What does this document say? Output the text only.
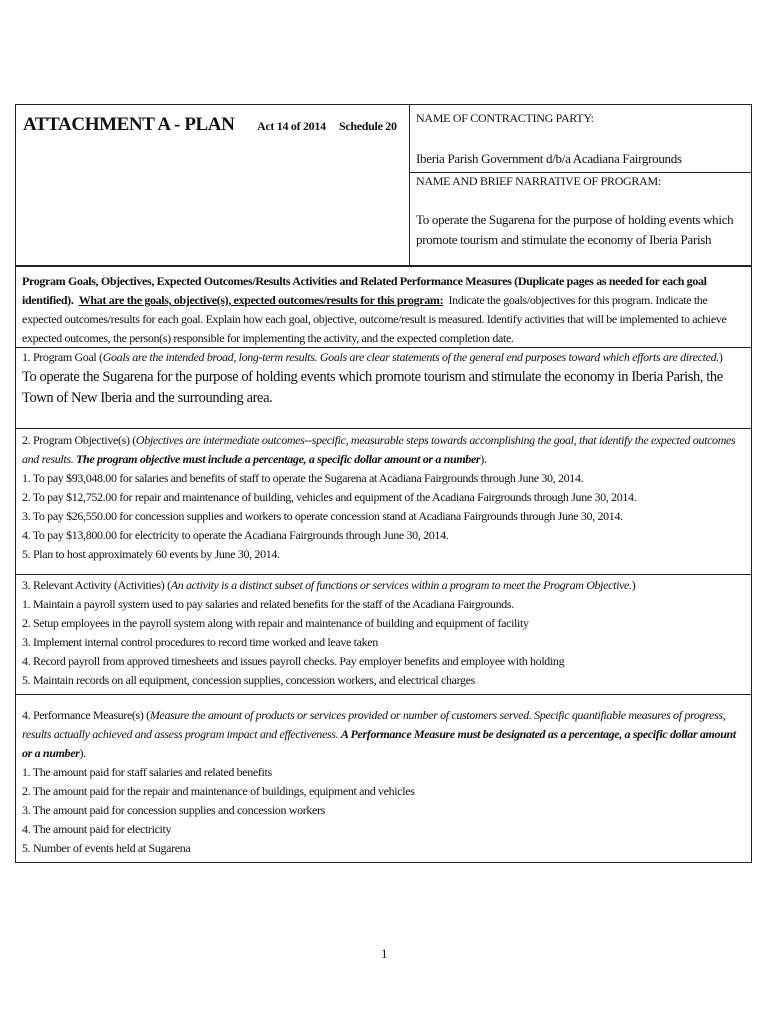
ATTACHMENT A - PLAN Act 14 of 2014 Schedule 20
NAME OF CONTRACTING PARTY:
Iberia Parish Government d/b/a Acadiana Fairgrounds
NAME AND BRIEF NARRATIVE OF PROGRAM:
To operate the Sugarena for the purpose of holding events which promote tourism and stimulate the economy of Iberia Parish
Program Goals, Objectives, Expected Outcomes/Results Activities and Related Performance Measures (Duplicate pages as needed for each goal identified). What are the goals, objective(s), expected outcomes/results for this program: Indicate the goals/objectives for this program. Indicate the expected outcomes/results for each goal. Explain how each goal, objective, outcome/result is measured. Identify activities that will be implemented to achieve expected outcomes, the person(s) responsible for implementing the activity, and the expected completion date.
1. Program Goal (Goals are the intended broad, long-term results. Goals are clear statements of the general end purposes toward which efforts are directed.)
To operate the Sugarena for the purpose of holding events which promote tourism and stimulate the economy in Iberia Parish, the Town of New Iberia and the surrounding area.
2. Program Objective(s) (Objectives are intermediate outcomes--specific, measurable steps towards accomplishing the goal, that identify the expected outcomes and results. The program objective must include a percentage, a specific dollar amount or a number).
1. To pay $93,048.00 for salaries and benefits of staff to operate the Sugarena at Acadiana Fairgrounds through June 30, 2014.
2. To pay $12,752.00 for repair and maintenance of building, vehicles and equipment of the Acadiana Fairgrounds through June 30, 2014.
3. To pay $26,550.00 for concession supplies and workers to operate concession stand at Acadiana Fairgrounds through June 30, 2014.
4. To pay $13,800.00 for electricity to operate the Acadiana Fairgrounds through June 30, 2014.
5. Plan to host approximately 60 events by June 30, 2014.
3. Relevant Activity (Activities) (An activity is a distinct subset of functions or services within a program to meet the Program Objective.)
1. Maintain a payroll system used to pay salaries and related benefits for the staff of the Acadiana Fairgrounds.
2. Setup employees in the payroll system along with repair and maintenance of building and equipment of facility
3. Implement internal control procedures to record time worked and leave taken
4. Record payroll from approved timesheets and issues payroll checks. Pay employer benefits and employee with holding
5. Maintain records on all equipment, concession supplies, concession workers, and electrical charges
4. Performance Measure(s) (Measure the amount of products or services provided or number of customers served. Specific quantifiable measures of progress, results actually achieved and assess program impact and effectiveness. A Performance Measure must be designated as a percentage, a specific dollar amount or a number).
1. The amount paid for staff salaries and related benefits
2. The amount paid for the repair and maintenance of buildings, equipment and vehicles
3. The amount paid for concession supplies and concession workers
4. The amount paid for electricity
5. Number of events held at Sugarena
1
